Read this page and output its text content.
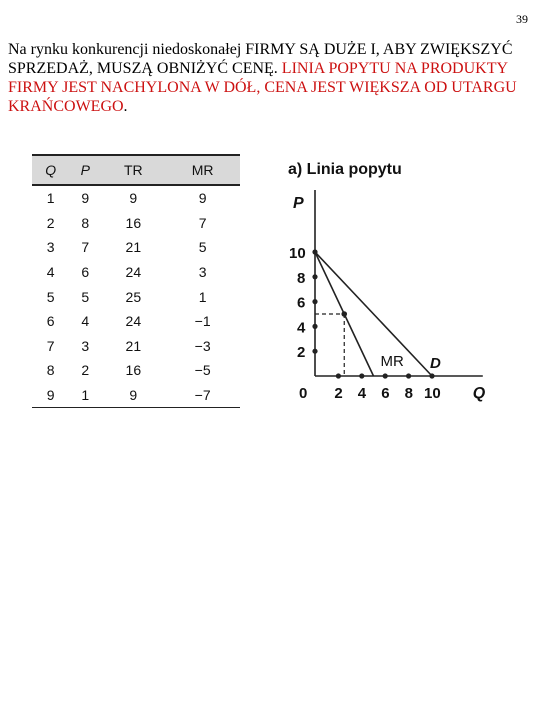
39

Na rynku konkurencji niedoskonałej FIRMY SĄ DUŻE I, ABY ZWIĘKSZYĆ SPRZEDAŻ, MUSZĄ OBNIŻYĆ CENĘ. LINIA POPYTU NA PRODUKTY FIRMY JEST NACHYLONA W DÓŁ, CENA JEST WIĘKSZA OD UTARGU KRAŃCOWEGO.

Q	P	TR	MR
1	9	9	9
2	8	16	7
3	7	21	5
4	6	24	3
5	5	25	1
6	4	24	−1
7	3	21	−3
8	2	16	−5
9	1	9	−7
a) Linia popytu
P
Q
0 2 4 6 8 10
2
4
6
8
10
D
MR
